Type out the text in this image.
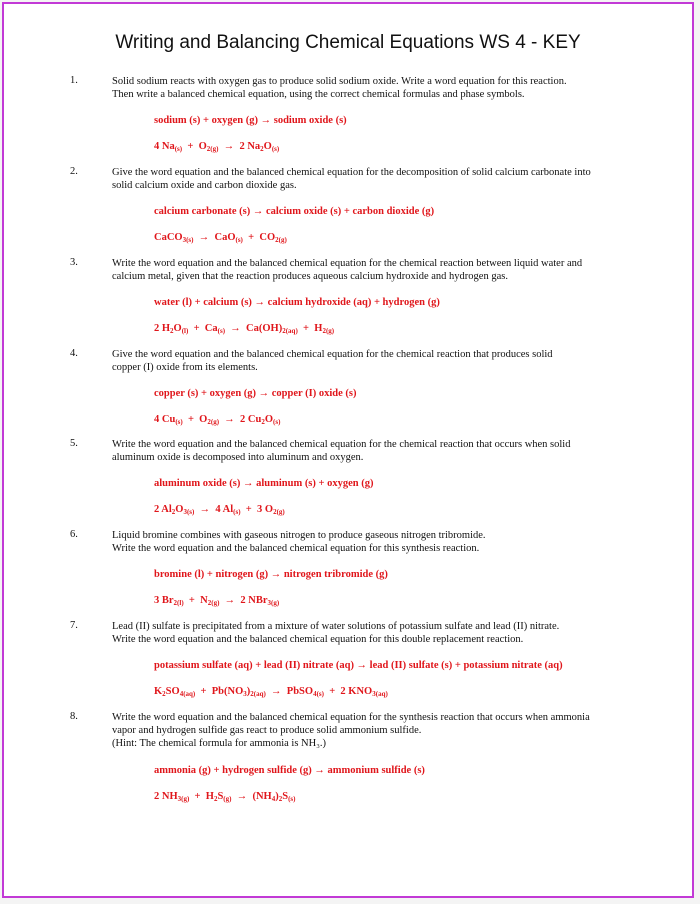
Writing and Balancing Chemical Equations WS 4 - KEY
1.	Solid sodium reacts with oxygen gas to produce solid sodium oxide. Write a word equation for this reaction.
Then write a balanced chemical equation, using the correct chemical formulas and phase symbols.
sodium (s) + oxygen (g) → sodium oxide (s)
4 $Na_{(s)} + O_{2(g)} \to 2$ $Na_2O_{(s)}$
2.	Give the word equation and the balanced chemical equation for the decomposition of solid calcium carbonate into
solid calcium oxide and carbon dioxide gas.
calcium carbonate (s) → calcium oxide (s) + carbon dioxide (g)
CaCO$_{3(s)}$  →  $CaO_{(s)} + CO_{2(g)}$
3.	Write the word equation and the balanced chemical equation for the chemical reaction between liquid water and
calcium metal, given that the reaction produces aqueous calcium hydroxide and hydrogen gas.
water (l) + calcium (s) → calcium hydroxide (aq) + hydrogen (g)
2 $H_2O_{(l)} + Ca_{(s)} \to Ca(OH)_{2(aq)} + H_{2(g)}$
4.	Give the word equation and the balanced chemical equation for the chemical reaction that produces solid
copper (I) oxide from its elements.
copper (s) + oxygen (g) → copper (I) oxide (s)
4 $Cu_{(s)} + O_{2(g)} \to 2$ $Cu_2O_{(s)}$
5.	Write the word equation and the balanced chemical equation for the chemical reaction that occurs when solid
aluminum oxide is decomposed into aluminum and oxygen.
aluminum oxide (s) → aluminum (s) + oxygen (g)
2 $Al_2O_{3(s)} \to 4$ $Al_{(s)} + 3$ $O_{2(g)}$
6.	Liquid bromine combines with gaseous nitrogen to produce gaseous nitrogen tribromide.
Write the word equation and the balanced chemical equation for this synthesis reaction.
bromine (l) + nitrogen (g) → nitrogen tribromide (g)
3 $Br_{2(l)} + N_{2(g)} \to 2$ NBr$_{3(g)}$
7.	Lead (II) sulfate is precipitated from a mixture of water solutions of potassium sulfate and lead (II) nitrate.
Write the word equation and the balanced chemical equation for this double replacement reaction.
potassium sulfate (aq) + lead (II) nitrate (aq) → lead (II) sulfate (s) + potassium nitrate (aq)
$K_2SO_{4(aq)} + Pb(NO_3)_{2(aq)}$  →  PbSO$_{4(s)}$  +  2 $KNO_{3(aq)}$
8.	Write the word equation and the balanced chemical equation for the synthesis reaction that occurs when ammonia
vapor and hydrogen sulfide gas react to produce solid ammonium sulfide.
(Hint: The chemical formula for ammonia is NH₃.)
ammonia (g) + hydrogen sulfide (g) → ammonium sulfide (s)
2 $NH_{3(g)} + H_2S_{(g)} \to (NH_4)_2S_{(s)}$
